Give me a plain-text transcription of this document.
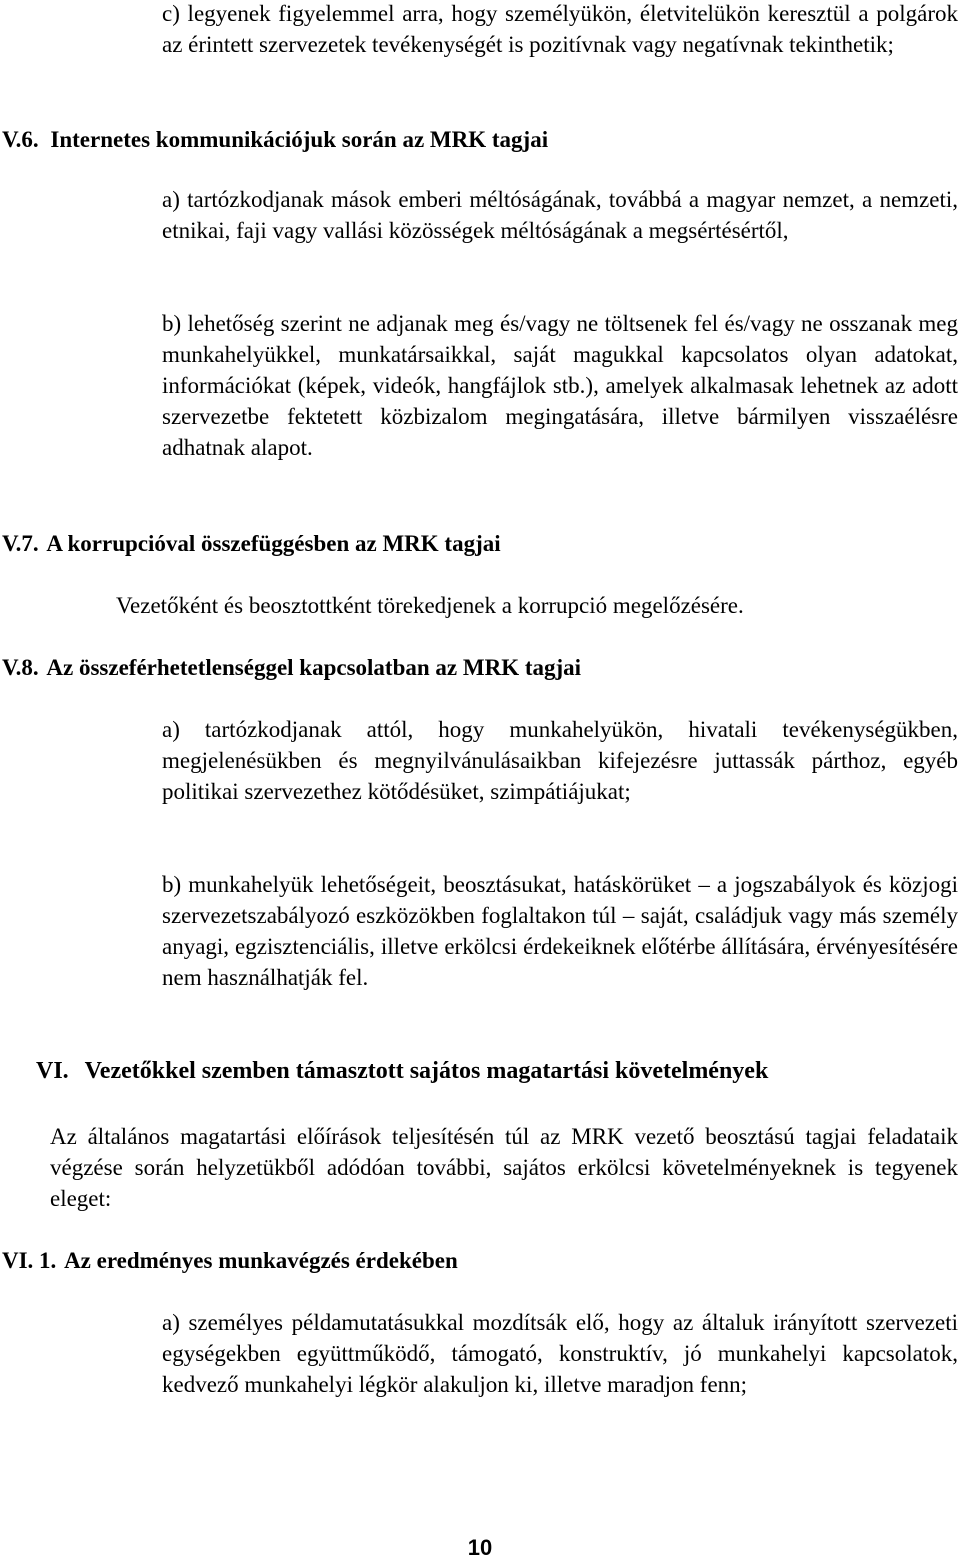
c) legyenek figyelemmel arra, hogy személyükön, életvitelükön keresztül a polgárok az érintett szervezetek tevékenységét is pozitívnak vagy negatívnak tekinthetik;

V.6. Internetes kommunikációjuk során az MRK tagjai

a) tartózkodjanak mások emberi méltóságának, továbbá a magyar nemzet, a nemzeti, etnikai, faji vagy vallási közösségek méltóságának a megsértésértől,

b) lehetőség szerint ne adjanak meg és/vagy ne töltsenek fel és/vagy ne osszanak meg munkahelyükkel, munkatársaikkal, saját magukkal kapcsolatos olyan adatokat, információkat (képek, videók, hangfájlok stb.), amelyek alkalmasak lehetnek az adott szervezetbe fektetett közbizalom megingatására, illetve bármilyen visszaélésre adhatnak alapot.

V.7. A korrupcióval összefüggésben az MRK tagjai

Vezetőként és beosztottként törekedjenek a korrupció megelőzésére.

V.8. Az összeférhetetlenséggel kapcsolatban az MRK tagjai

a) tartózkodjanak attól, hogy munkahelyükön, hivatali tevékenységükben, megjelenésükben és megnyilvánulásaikban kifejezésre juttassák párthoz, egyéb politikai szervezethez kötődésüket, szimpátiájukat;

b) munkahelyük lehetőségeit, beosztásukat, hatáskörüket – a jogszabályok és közjogi szervezetszabályozó eszközökben foglaltakon túl – saját, családjuk vagy más személy anyagi, egzisztenciális, illetve erkölcsi érdekeiknek előtérbe állítására, érvényesítésére nem használhatják fel.

VI. Vezetőkkel szemben támasztott sajátos magatartási követelmények

Az általános magatartási előírások teljesítésén túl az MRK vezető beosztású tagjai feladataik végzése során helyzetükből adódóan további, sajátos erkölcsi követelményeknek is tegyenek eleget:

VI. 1. Az eredményes munkavégzés érdekében

a) személyes példamutatásukkal mozdítsák elő, hogy az általuk irányított szervezeti egységekben együttműködő, támogató, konstruktív, jó munkahelyi kapcsolatok, kedvező munkahelyi légkör alakuljon ki, illetve maradjon fenn;

10
